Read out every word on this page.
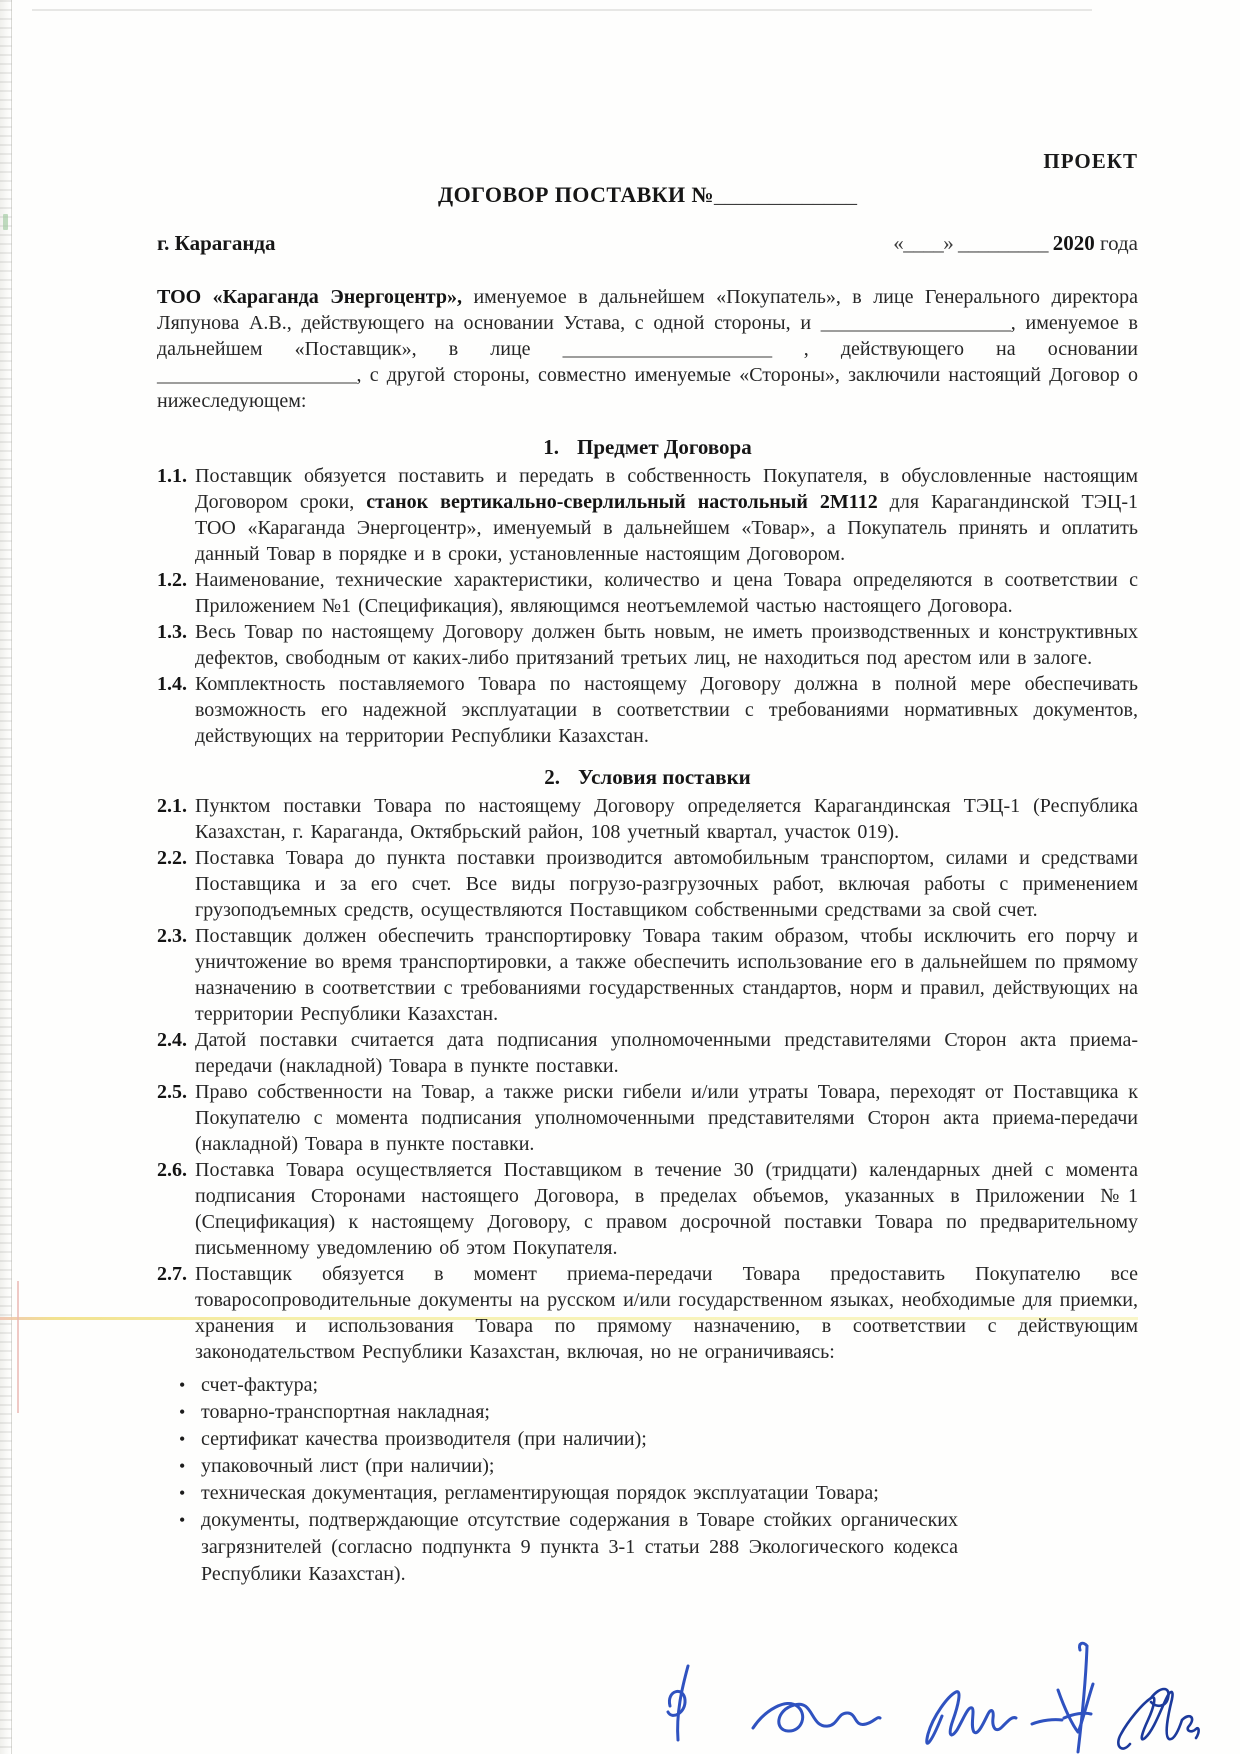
ПРОЕКТ
ДОГОВОР ПОСТАВКИ №_____________
г. Караганда	«____» _________ 2020 года

ТОО «Караганда Энергоцентр», именуемое в дальнейшем «Покупатель», в лице Генерального директора Ляпунова А.В., действующего на основании Устава, с одной стороны, и ____________________, именуемое в дальнейшем «Поставщик», в лице ______________________ , действующего на основании _____________________, с другой стороны, совместно именуемые «Стороны», заключили настоящий Договор о нижеследующем:

1. Предмет Договора
1.1. Поставщик обязуется поставить и передать в собственность Покупателя, в обусловленные настоящим Договором сроки, станок вертикально-сверлильный настольный 2М112 для Карагандинской ТЭЦ-1 ТОО «Караганда Энергоцентр», именуемый в дальнейшем «Товар», а Покупатель принять и оплатить данный Товар в порядке и в сроки, установленные настоящим Договором.
1.2. Наименование, технические характеристики, количество и цена Товара определяются в соответствии с Приложением №1 (Спецификация), являющимся неотъемлемой частью настоящего Договора.
1.3. Весь Товар по настоящему Договору должен быть новым, не иметь производственных и конструктивных дефектов, свободным от каких-либо притязаний третьих лиц, не находиться под арестом или в залоге.
1.4. Комплектность поставляемого Товара по настоящему Договору должна в полной мере обеспечивать возможность его надежной эксплуатации в соответствии с требованиями нормативных документов, действующих на территории Республики Казахстан.
2. Условия поставки
2.1. Пунктом поставки Товара по настоящему Договору определяется Карагандинская ТЭЦ-1 (Республика Казахстан, г. Караганда, Октябрьский район, 108 учетный квартал, участок 019).
2.2. Поставка Товара до пункта поставки производится автомобильным транспортом, силами и средствами Поставщика и за его счет. Все виды погрузо-разгрузочных работ, включая работы с применением грузоподъемных средств, осуществляются Поставщиком собственными средствами за свой счет.
2.3. Поставщик должен обеспечить транспортировку Товара таким образом, чтобы исключить его порчу и уничтожение во время транспортировки, а также обеспечить использование его в дальнейшем по прямому назначению в соответствии с требованиями государственных стандартов, норм и правил, действующих на территории Республики Казахстан.
2.4. Датой поставки считается дата подписания уполномоченными представителями Сторон акта приема-передачи (накладной) Товара в пункте поставки.
2.5. Право собственности на Товар, а также риски гибели и/или утраты Товара, переходят от Поставщика к Покупателю с момента подписания уполномоченными представителями Сторон акта приема-передачи (накладной) Товара в пункте поставки.
2.6. Поставка Товара осуществляется Поставщиком в течение 30 (тридцати) календарных дней с момента подписания Сторонами настоящего Договора, в пределах объемов, указанных в Приложении №1 (Спецификация) к настоящему Договору, с правом досрочной поставки Товара по предварительному письменному уведомлению об этом Покупателя.
2.7. Поставщик обязуется в момент приема-передачи Товара предоставить Покупателю все товаросопроводительные документы на русском и/или государственном языках, необходимые для приемки, хранения и использования Товара по прямому назначению, в соответствии с действующим законодательством Республики Казахстан, включая, но не ограничиваясь:
• счет-фактура;
• товарно-транспортная накладная;
• сертификат качества производителя (при наличии);
• упаковочный лист (при наличии);
• техническая документация, регламентирующая порядок эксплуатации Товара;
• документы, подтверждающие отсутствие содержания в Товаре стойких органических загрязнителей (согласно подпункта 9 пункта 3-1 статьи 288 Экологического кодекса Республики Казахстан).
